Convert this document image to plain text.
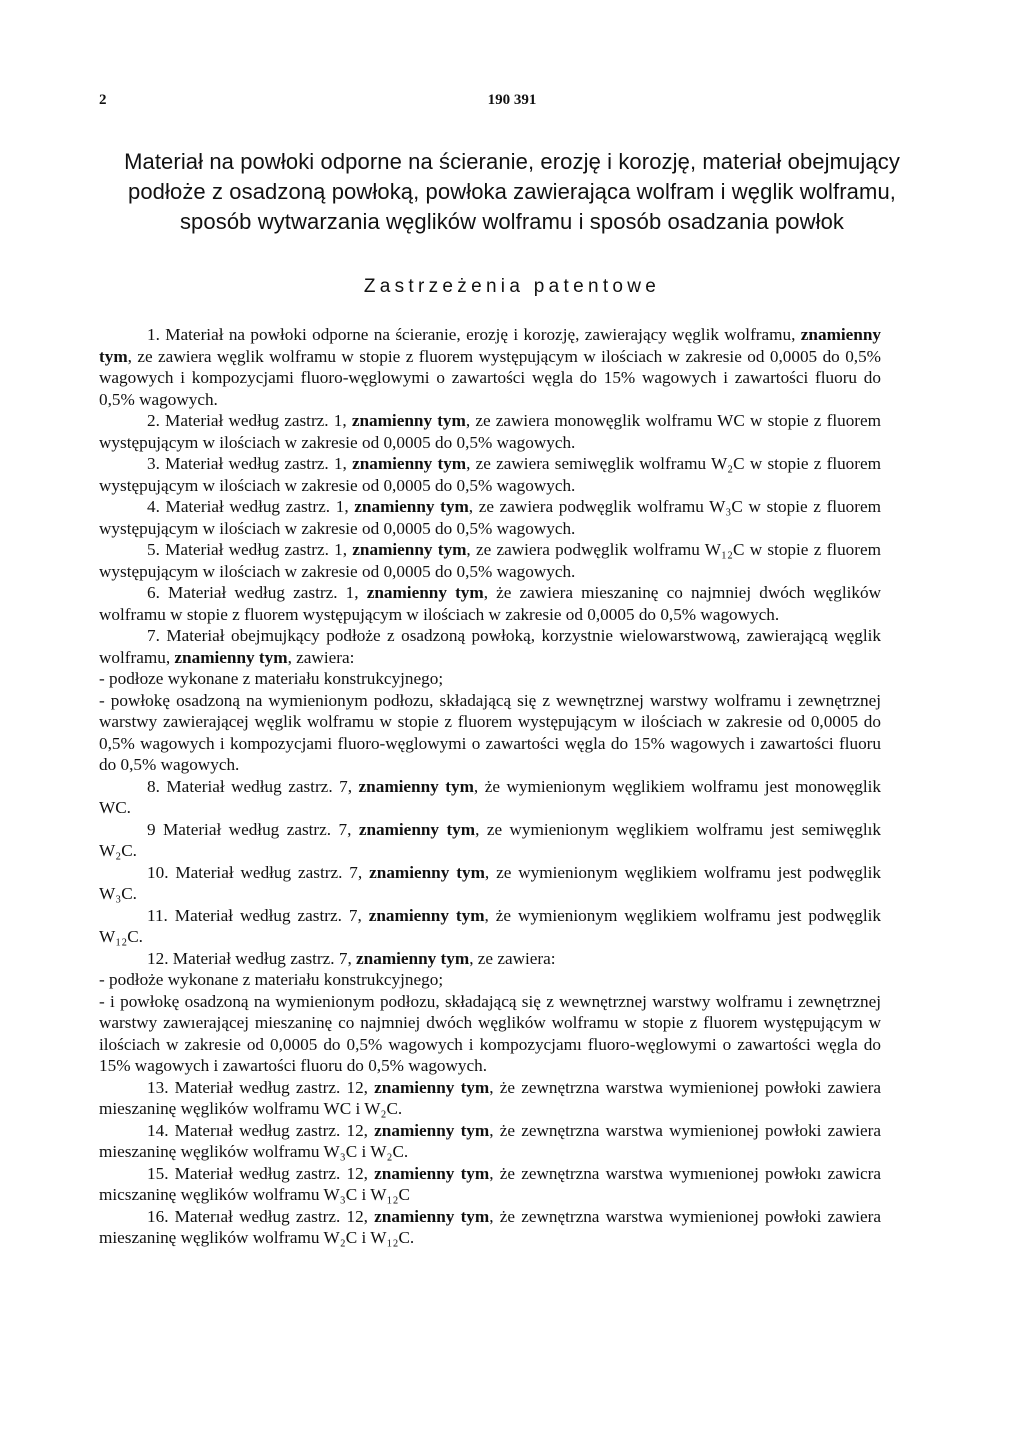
2	190 391
Materiał na powłoki odporne na ścieranie, erozję i korozję, materiał obejmujący podłoże z osadzoną powłoką, powłoka zawierająca wolfram i węglik wolframu, sposób wytwarzania węglików wolframu i sposób osadzania powłok
Zastrzeżenia patentowe

1. Materiał na powłoki odporne na ścieranie, erozję i korozję, zawierający węglik wolframu, znamienny tym, ze zawiera węglik wolframu w stopie z fluorem występującym w ilościach w zakresie od 0,0005 do 0,5% wagowych i kompozycjami fluoro-węglowymi o zawartości węgla do 15% wagowych i zawartości fluoru do 0,5% wagowych.

2. Materiał według zastrz. 1, znamienny tym, ze zawiera monowęglik wolframu WC w stopie z fluorem występującym w ilościach w zakresie od 0,0005 do 0,5% wagowych.

3. Materiał według zastrz. 1, znamienny tym, ze zawiera semiwęglik wolframu W₂C w stopie z fluorem występującym w ilościach w zakresie od 0,0005 do 0,5% wagowych.

4. Materiał według zastrz. 1, znamienny tym, ze zawiera podwęglik wolframu W₃C w stopie z fluorem występującym w ilościach w zakresie od 0,0005 do 0,5% wagowych.

5. Materiał według zastrz. 1, znamienny tym, ze zawiera podwęglik wolframu W₁₂C w stopie z fluorem występującym w ilościach w zakresie od 0,0005 do 0,5% wagowych.

6. Materiał według zastrz. 1, znamienny tym, że zawiera mieszaninę co najmniej dwóch węglików wolframu w stopie z fluorem występującym w ilościach w zakresie od 0,0005 do 0,5% wagowych.

7. Materiał obejmujkący podłoże z osadzoną powłoką, korzystnie wielowarstwową, zawierającą węglik wolframu, znamienny tym, zawiera:

- podłoze wykonane z materiału konstrukcyjnego;

- powłokę osadzoną na wymienionym podłozu, składającą się z wewnętrznej warstwy wolframu i zewnętrznej warstwy zawierającej węglik wolframu w stopie z fluorem występującym w ilościach w zakresie od 0,0005 do 0,5% wagowych i kompozycjami fluoro-węglowymi o zawartości węgla do 15% wagowych i zawartości fluoru do 0,5% wagowych.

8. Materiał według zastrz. 7, znamienny tym, że wymienionym węglikiem wolframu jest monowęglik WC.

9 Materiał według zastrz. 7, znamienny tym, ze wymienionym węglikiem wolframu jest semiwęglık W₂C.

10. Materiał według zastrz. 7, znamienny tym, ze wymienionym węglikiem wolframu jest podwęglik W₃C.

11. Materiał według zastrz. 7, znamienny tym, że wymienionym węglikiem wolframu jest podwęglik W₁₂C.

12. Materiał według zastrz. 7, znamienny tym, ze zawiera:

- podłoże wykonane z materiału konstrukcyjnego;

- i powłokę osadzoną na wymienionym podłozu, składającą się z wewnętrznej warstwy wolframu i zewnętrznej warstwy zawıerającej mieszaninę co najmniej dwóch węglików wolframu w stopie z fluorem występującym w ilościach w zakresie od 0,0005 do 0,5% wagowych i kompozycjamı fluoro-węglowymi o zawartości węgla do 15% wagowych i zawartości fluoru do 0,5% wagowych.

13. Materiał według zastrz. 12, znamienny tym, że zewnętrzna warstwa wymienionej powłoki zawiera mieszaninę węglików wolframu WC i W₂C.

14. Materıał według zastrz. 12, znamienny tym, że zewnętrzna warstwa wymienionej powłoki zawiera mieszaninę węglików wolframu W₃C i W₂C.

15. Materiał według zastrz. 12, znamienny tym, że zewnętrzna warstwa wymıenionej powłokı zawicra micszaninę węglików wolframu W₃C i W₁₂C

16. Materıał według zastrz. 12, znamienny tym, że zewnętrzna warstwa wymienionej powłoki zawiera mieszaninę węglików wolframu W₂C i W₁₂C.
